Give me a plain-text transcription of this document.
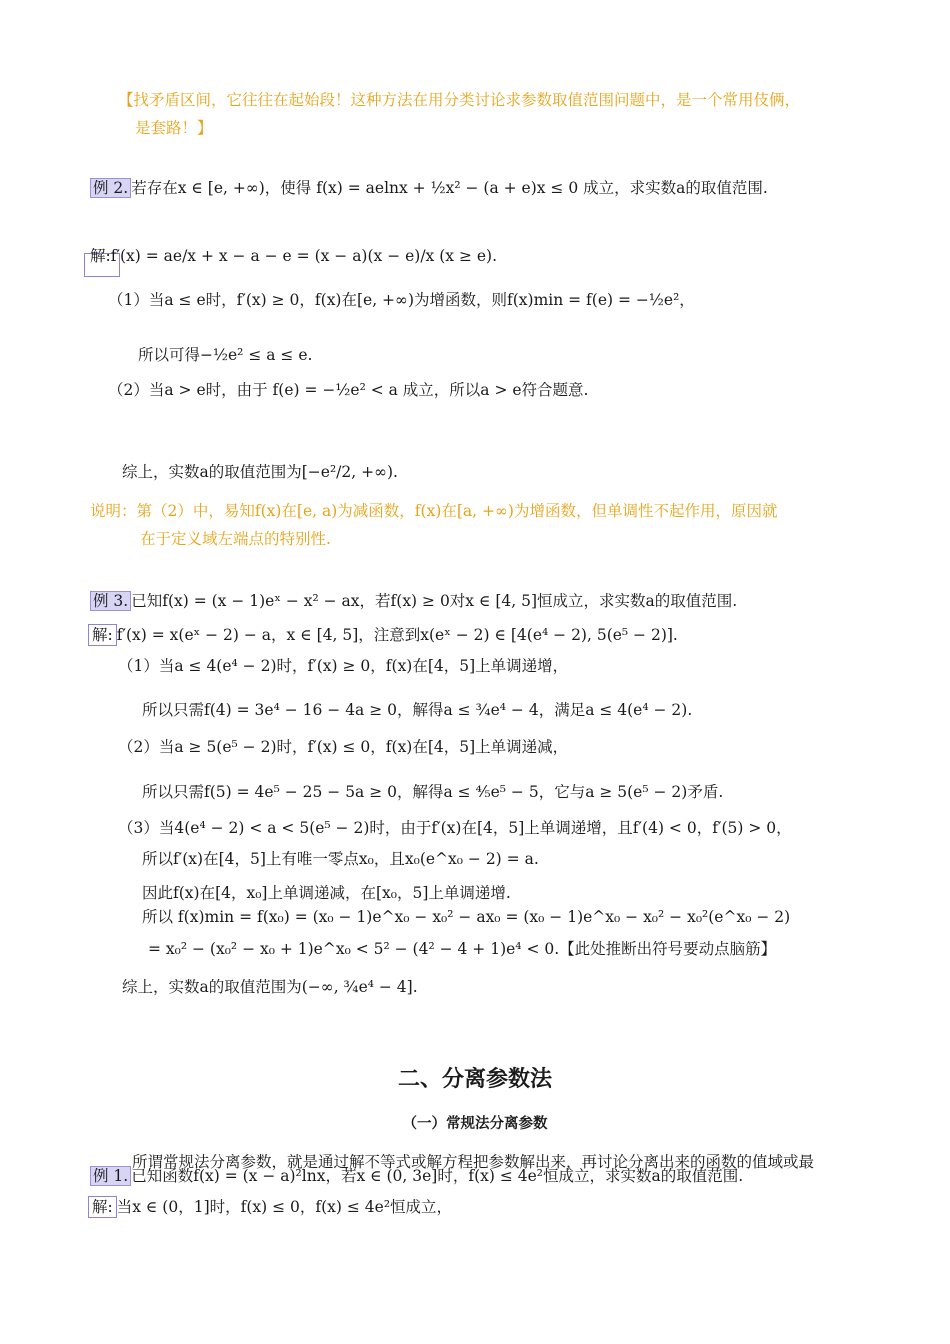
【找矛盾区间，它往往在起始段！这种方法在用分类讨论求参数取值范围问题中，是一个常用伎俩，
是套路！】
例 2. 若存在x ∈ [e, +∞)，使得 f(x) = aelnx + ½x² − (a + e)x ≤ 0 成立，求实数a的取值范围.
解:f′(x) = ae/x + x − a − e = (x − a)(x − e)/x (x ≥ e).
（1）当a ≤ e时，f′(x) ≥ 0，f(x)在[e, +∞)为增函数，则f(x)min = f(e) = −½e²，
所以可得−½e² ≤ a ≤ e.
（2）当a > e时，由于 f(e) = −½e² < a 成立，所以a > e符合题意.
综上，实数a的取值范围为[−e²/2, +∞).
说明：第（2）中，易知f(x)在[e, a)为减函数，f(x)在[a, +∞)为增函数，但单调性不起作用，原因就
在于定义域左端点的特别性.
例 3. 已知f(x) = (x − 1)eˣ − x² − ax，若f(x) ≥ 0对x ∈ [4, 5]恒成立，求实数a的取值范围.
解: f′(x) = x(eˣ − 2) − a，x ∈ [4, 5]，注意到x(eˣ − 2) ∈ [4(e⁴ − 2), 5(e⁵ − 2)].
（1）当a ≤ 4(e⁴ − 2)时，f′(x) ≥ 0，f(x)在[4，5]上单调递增，
所以只需f(4) = 3e⁴ − 16 − 4a ≥ 0，解得a ≤ ¾e⁴ − 4，满足a ≤ 4(e⁴ − 2).
（2）当a ≥ 5(e⁵ − 2)时，f′(x) ≤ 0，f(x)在[4，5]上单调递减，
所以只需f(5) = 4e⁵ − 25 − 5a ≥ 0，解得a ≤ ⅘e⁵ − 5，它与a ≥ 5(e⁵ − 2)矛盾.
（3）当4(e⁴ − 2) < a < 5(e⁵ − 2)时，由于f′(x)在[4，5]上单调递增，且f′(4) < 0，f′(5) > 0，
所以f′(x)在[4，5]上有唯一零点x₀，且x₀(e^x₀ − 2) = a.
因此f(x)在[4，x₀]上单调递减，在[x₀，5]上单调递增.
所以 f(x)min = f(x₀) = (x₀ − 1)e^x₀ − x₀² − ax₀ = (x₀ − 1)e^x₀ − x₀² − x₀²(e^x₀ − 2)
= x₀² − (x₀² − x₀ + 1)e^x₀ < 5² − (4² − 4 + 1)e⁴ < 0.【此处推断出符号要动点脑筋】
综上，实数a的取值范围为(−∞, ¾e⁴ − 4].
二、分离参数法
（一）常规法分离参数
所谓常规法分离参数，就是通过解不等式或解方程把参数解出来，再讨论分离出来的函数的值域或最
例 1. 已知函数f(x) = (x − a)²lnx，若x ∈ (0, 3e]时，f(x) ≤ 4e²恒成立，求实数a的取值范围.
解: 当x ∈ (0，1]时，f(x) ≤ 0，f(x) ≤ 4e²恒成立，
